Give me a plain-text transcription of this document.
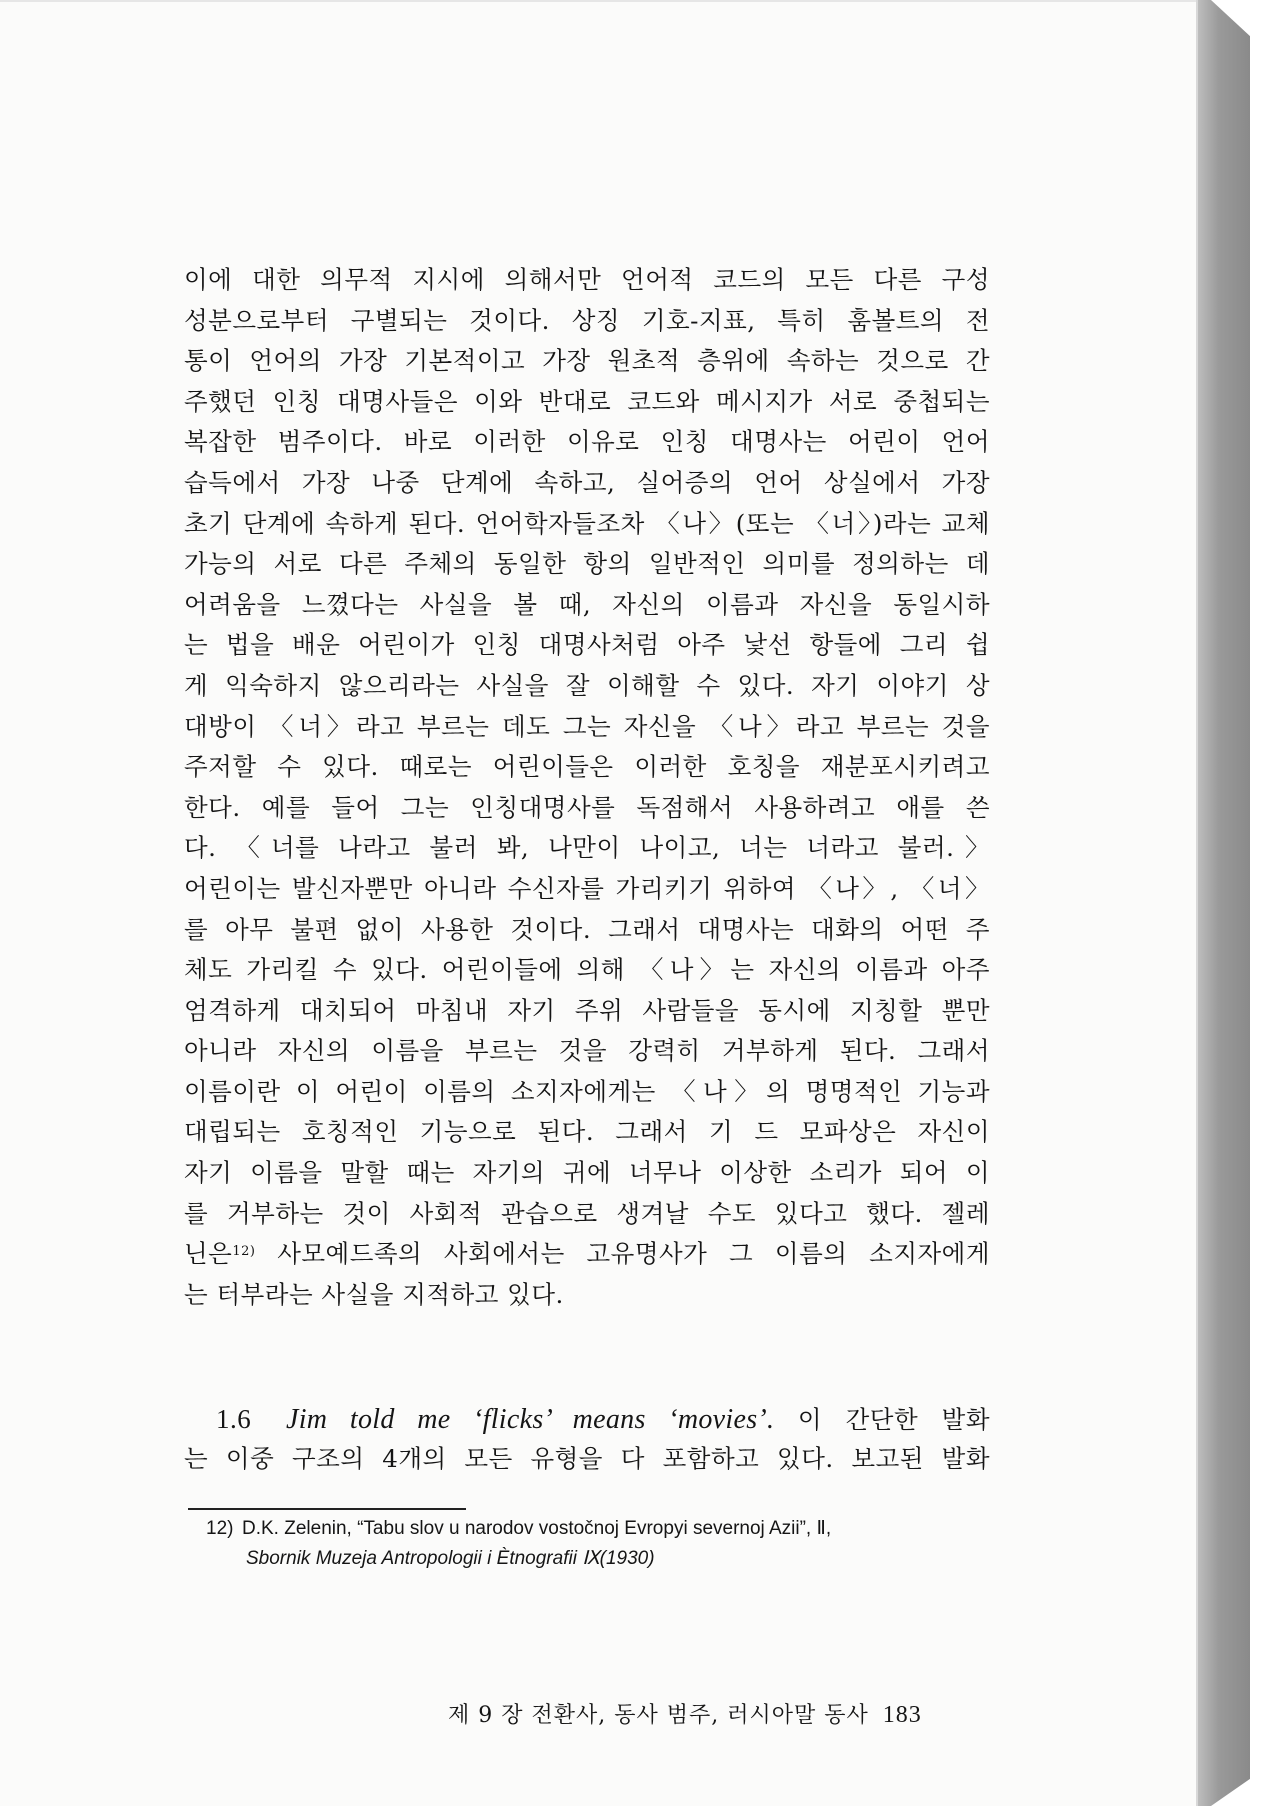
이에 대한 의무적 지시에 의해서만 언어적 코드의 모든 다른 구성
성분으로부터 구별되는 것이다. 상징 기호-지표, 특히 훔볼트의 전
통이 언어의 가장 기본적이고 가장 원초적 층위에 속하는 것으로 간
주했던 인칭 대명사들은 이와 반대로 코드와 메시지가 서로 중첩되는
복잡한 범주이다. 바로 이러한 이유로 인칭 대명사는 어린이 언어
습득에서 가장 나중 단계에 속하고, 실어증의 언어 상실에서 가장
초기 단계에 속하게 된다. 언어학자들조차 〈나〉(또는 〈너〉)라는 교체
가능의 서로 다른 주체의 동일한 항의 일반적인 의미를 정의하는 데
어려움을 느꼈다는 사실을 볼 때, 자신의 이름과 자신을 동일시하
는 법을 배운 어린이가 인칭 대명사처럼 아주 낯선 항들에 그리 쉽
게 익숙하지 않으리라는 사실을 잘 이해할 수 있다. 자기 이야기 상
대방이 〈너〉라고 부르는 데도 그는 자신을 〈나〉라고 부르는 것을
주저할 수 있다. 때로는 어린이들은 이러한 호칭을 재분포시키려고
한다. 예를 들어 그는 인칭대명사를 독점해서 사용하려고 애를 쓴
다. 〈너를 나라고 불러 봐, 나만이 나이고, 너는 너라고 불러.〉
어린이는 발신자뿐만 아니라 수신자를 가리키기 위하여 〈나〉, 〈너〉
를 아무 불편 없이 사용한 것이다. 그래서 대명사는 대화의 어떤 주
체도 가리킬 수 있다. 어린이들에 의해 〈나〉는 자신의 이름과 아주
엄격하게 대치되어 마침내 자기 주위 사람들을 동시에 지칭할 뿐만
아니라 자신의 이름을 부르는 것을 강력히 거부하게 된다. 그래서
이름이란 이 어린이 이름의 소지자에게는 〈나〉의 명명적인 기능과
대립되는 호칭적인 기능으로 된다. 그래서 기 드 모파상은 자신이
자기 이름을 말할 때는 자기의 귀에 너무나 이상한 소리가 되어 이
를 거부하는 것이 사회적 관습으로 생겨날 수도 있다고 했다. 젤레
닌은$^{12)}$ 사모예드족의 사회에서는 고유명사가 그 이름의 소지자에게
는 터부라는 사실을 지적하고 있다.
1.6 Jim told me ‘flicks’ means ‘movies’. 이 간단한 발화
는 이중 구조의 4개의 모든 유형을 다 포함하고 있다. 보고된 발화
12) D.K. Zelenin, “Tabu slov u narodov vostočnoj Evropyi severnoj Azii”, Ⅱ,
Sbornik Muzeja Antropologii i Ètnografii Ⅸ(1930)
제 9 장 전환사, 동사 범주, 러시아말 동사 183
